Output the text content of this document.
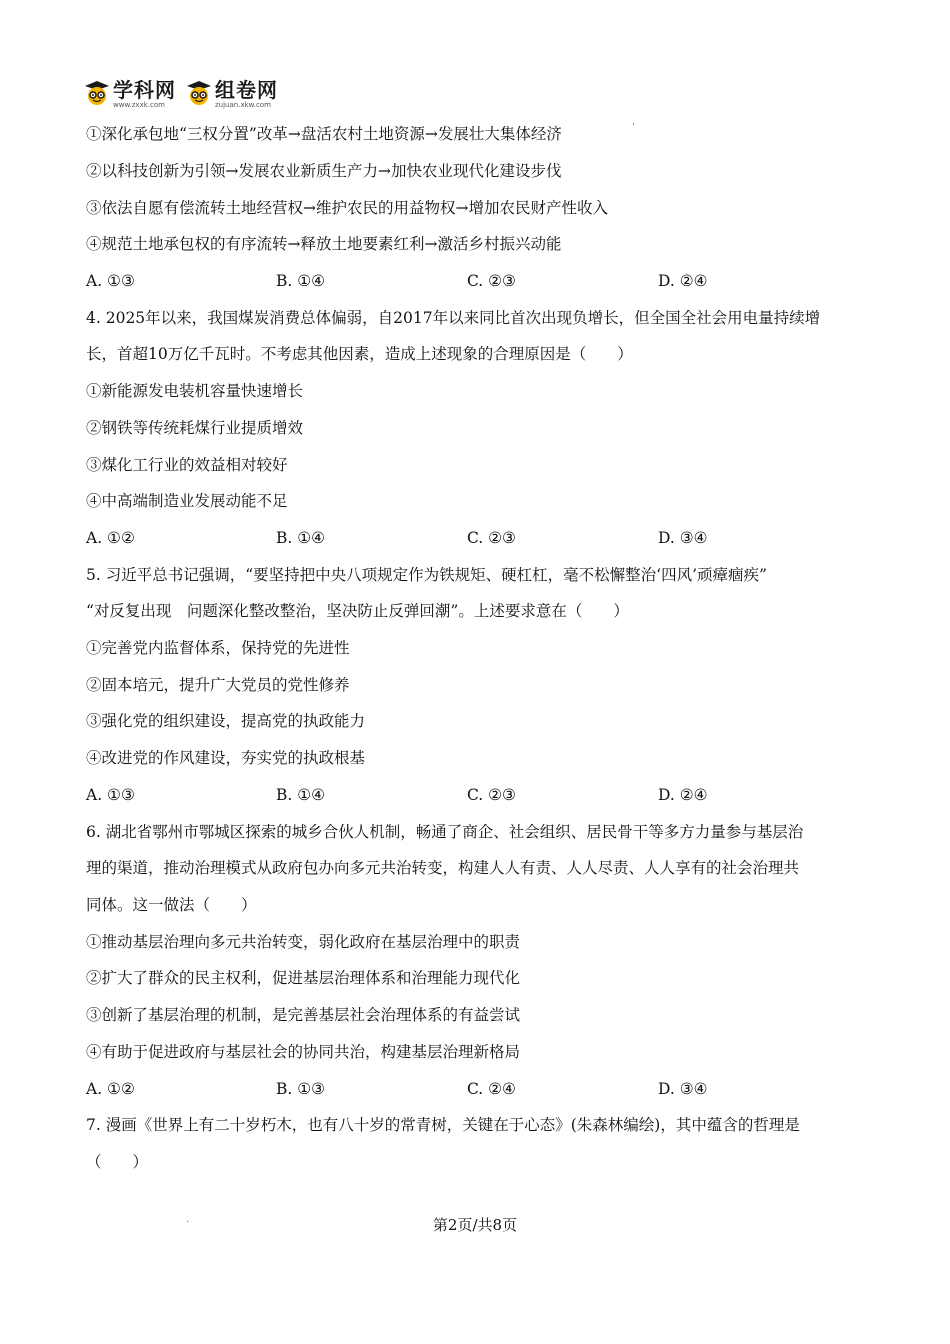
学科网
www.zxxk.com
组卷网
zujuan.xkw.com
①深化承包地“三权分置”改革→盘活农村土地资源→发展壮大集体经济	'
②以科技创新为引领→发展农业新质生产力→加快农业现代化建设步伐
③依法自愿有偿流转土地经营权→维护农民的用益物权→增加农民财产性收入
④规范土地承包权的有序流转→释放土地要素红利→激活乡村振兴动能
A. ①③	B. ①④	C. ②③	D. ②④
4. 2025年以来，我国煤炭消费总体偏弱，自2017年以来同比首次出现负增长，但全国全社会用电量持续增
长，首超10万亿千瓦时。不考虑其他因素，造成上述现象的合理原因是（　　）
①新能源发电装机容量快速增长
②钢铁等传统耗煤行业提质增效
③煤化工行业的效益相对较好
④中高端制造业发展动能不足
A. ①②	B. ①④	C. ②③	D. ③④
5. 习近平总书记强调，“要坚持把中央八项规定作为铁规矩、硬杠杠，毫不松懈整治‘四风’顽瘴痼疾”
“对反复出现　问题深化整改整治，坚决防止反弹回潮”。上述要求意在（　　）
①完善党内监督体系，保持党的先进性
②固本培元，提升广大党员的党性修养
③强化党的组织建设，提高党的执政能力
④改进党的作风建设，夯实党的执政根基
A. ①③	B. ①④	C. ②③	D. ②④
6. 湖北省鄂州市鄂城区探索的城乡合伙人机制，畅通了商企、社会组织、居民骨干等多方力量参与基层治
理的渠道，推动治理模式从政府包办向多元共治转变，构建人人有责、人人尽责、人人享有的社会治理共
同体。这一做法（　　）
①推动基层治理向多元共治转变，弱化政府在基层治理中的职责
②扩大了群众的民主权利，促进基层治理体系和治理能力现代化
③创新了基层治理的机制，是完善基层社会治理体系的有益尝试
④有助于促进政府与基层社会的协同共治，构建基层治理新格局
A. ①②	B. ①③	C. ②④	D. ③④
7. 漫画《世界上有二十岁朽木，也有八十岁的常青树，关键在于心态》(朱森林编绘)，其中蕴含的哲理是
（　　）
.	第2页/共8页
